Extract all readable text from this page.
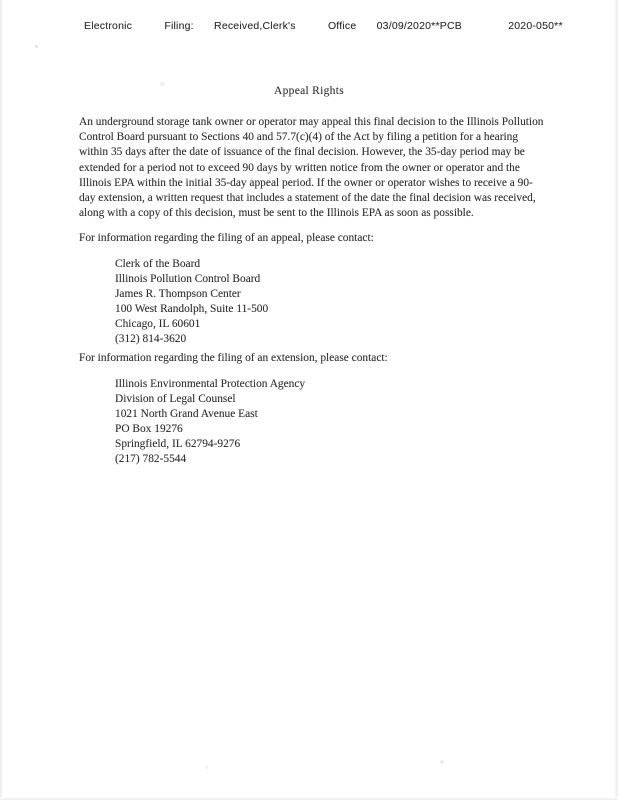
Electronic	Filing: Received,Clerk's	Office 03/09/2020**PCB	2020-050**
Appeal Rights
An underground storage tank owner or operator may appeal this final decision to the Illinois Pollution Control Board pursuant to Sections 40 and 57.7(c)(4) of the Act by filing a petition for a hearing within 35 days after the date of issuance of the final decision. However, the 35-day period may be extended for a period not to exceed 90 days by written notice from the owner or operator and the Illinois EPA within the initial 35-day appeal period. If the owner or operator wishes to receive a 90-day extension, a written request that includes a statement of the date the final decision was received, along with a copy of this decision, must be sent to the Illinois EPA as soon as possible.
For information regarding the filing of an appeal, please contact:
Clerk of the Board
Illinois Pollution Control Board
James R. Thompson Center
100 West Randolph, Suite 11-500
Chicago, IL 60601
(312) 814-3620
For information regarding the filing of an extension, please contact:
Illinois Environmental Protection Agency
Division of Legal Counsel
1021 North Grand Avenue East
PO Box 19276
Springfield, IL 62794-9276
(217) 782-5544
